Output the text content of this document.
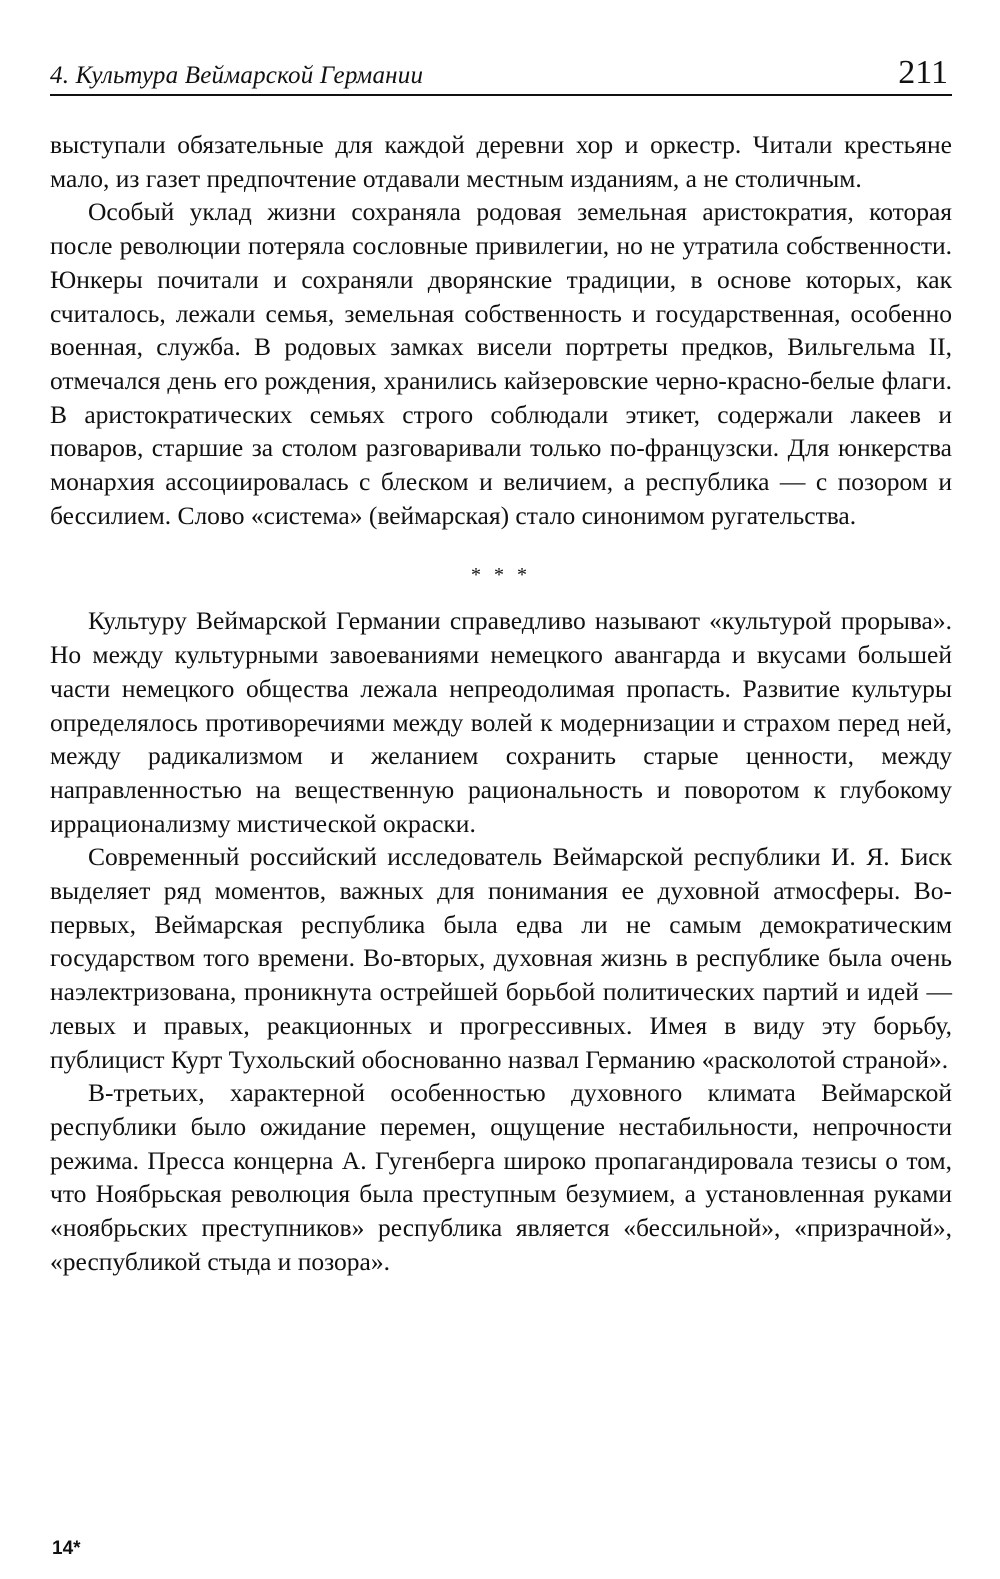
4. Культура Веймарской Германии	211

выступали обязательные для каждой деревни хор и оркестр. Читали крестьяне мало, из газет предпочтение отдавали местным изданиям, а не столичным.

Особый уклад жизни сохраняла родовая земельная аристократия, которая после революции потеряла сословные привилегии, но не утратила собственности. Юнкеры почитали и сохраняли дворянские традиции, в основе которых, как считалось, лежали семья, земельная собственность и государственная, особенно военная, служба. В родовых замках висели портреты предков, Вильгельма II, отмечался день его рождения, хранились кайзеровские черно-красно-белые флаги. В аристократических семьях строго соблюдали этикет, содержали лакеев и поваров, старшие за столом разговаривали только по-французски. Для юнкерства монархия ассоциировалась с блеском и величием, а республика — с позором и бессилием. Слово «система» (веймарская) стало синонимом ругательства.

* * *

Культуру Веймарской Германии справедливо называют «культурой прорыва». Но между культурными завоеваниями немецкого авангарда и вкусами большей части немецкого общества лежала непреодолимая пропасть. Развитие культуры определялось противоречиями между волей к модернизации и страхом перед ней, между радикализмом и желанием сохранить старые ценности, между направленностью на вещественную рациональность и поворотом к глубокому иррационализму мистической окраски.

Современный российский исследователь Веймарской республики И. Я. Биск выделяет ряд моментов, важных для понимания ее духовной атмосферы. Во-первых, Веймарская республика была едва ли не самым демократическим государством того времени. Во-вторых, духовная жизнь в республике была очень наэлектризована, проникнута острейшей борьбой политических партий и идей — левых и правых, реакционных и прогрессивных. Имея в виду эту борьбу, публицист Курт Тухольский обоснованно назвал Германию «расколотой страной».

В-третьих, характерной особенностью духовного климата Веймарской республики было ожидание перемен, ощущение нестабильности, непрочности режима. Пресса концерна А. Гугенберга широко пропагандировала тезисы о том, что Ноябрьская революция была преступным безумием, а установленная руками «ноябрьских преступников» республика является «бессильной», «призрачной», «республикой стыда и позора».

14*
